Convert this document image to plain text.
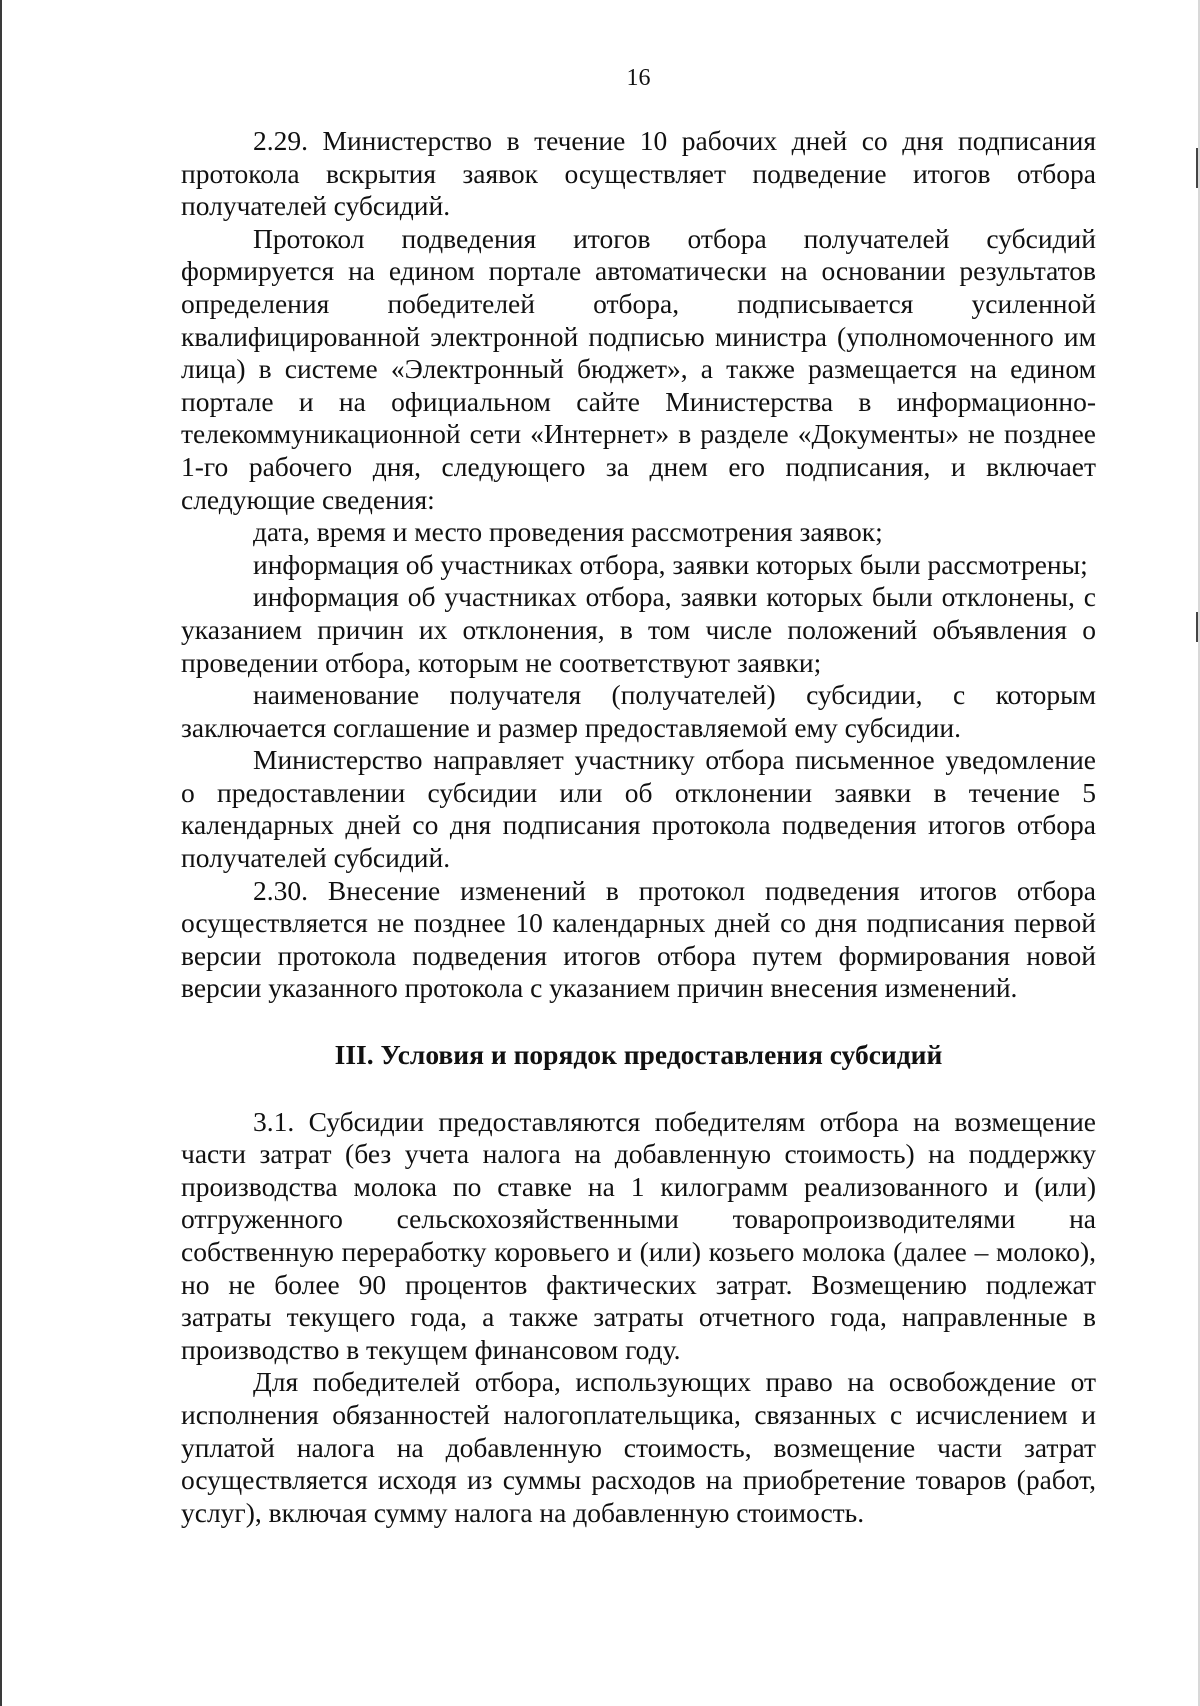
16

2.29. Министерство в течение 10 рабочих дней со дня подписания протокола вскрытия заявок осуществляет подведение итогов отбора получателей субсидий.

Протокол подведения итогов отбора получателей субсидий формируется на едином портале автоматически на основании результатов определения победителей отбора, подписывается усиленной квалифицированной электронной подписью министра (уполномоченного им лица) в системе «Электронный бюджет», а также размещается на едином портале и на официальном сайте Министерства в информационно-телекоммуникационной сети «Интернет» в разделе «Документы» не позднее 1-го рабочего дня, следующего за днем его подписания, и включает следующие сведения:

дата, время и место проведения рассмотрения заявок;

информация об участниках отбора, заявки которых были рассмотрены;

информация об участниках отбора, заявки которых были отклонены, с указанием причин их отклонения, в том числе положений объявления о проведении отбора, которым не соответствуют заявки;

наименование получателя (получателей) субсидии, с которым заключается соглашение и размер предоставляемой ему субсидии.

Министерство направляет участнику отбора письменное уведомление о предоставлении субсидии или об отклонении заявки в течение 5 календарных дней со дня подписания протокола подведения итогов отбора получателей субсидий.

2.30. Внесение изменений в протокол подведения итогов отбора осуществляется не позднее 10 календарных дней со дня подписания первой версии протокола подведения итогов отбора путем формирования новой версии указанного протокола с указанием причин внесения изменений.

III. Условия и порядок предоставления субсидий

3.1. Субсидии предоставляются победителям отбора на возмещение части затрат (без учета налога на добавленную стоимость) на поддержку производства молока по ставке на 1 килограмм реализованного и (или) отгруженного сельскохозяйственными товаропроизводителями на собственную переработку коровьего и (или) козьего молока (далее – молоко), но не более 90 процентов фактических затрат. Возмещению подлежат затраты текущего года, а также затраты отчетного года, направленные в производство в текущем финансовом году.

Для победителей отбора, использующих право на освобождение от исполнения обязанностей налогоплательщика, связанных с исчислением и уплатой налога на добавленную стоимость, возмещение части затрат осуществляется исходя из суммы расходов на приобретение товаров (работ, услуг), включая сумму налога на добавленную стоимость.
